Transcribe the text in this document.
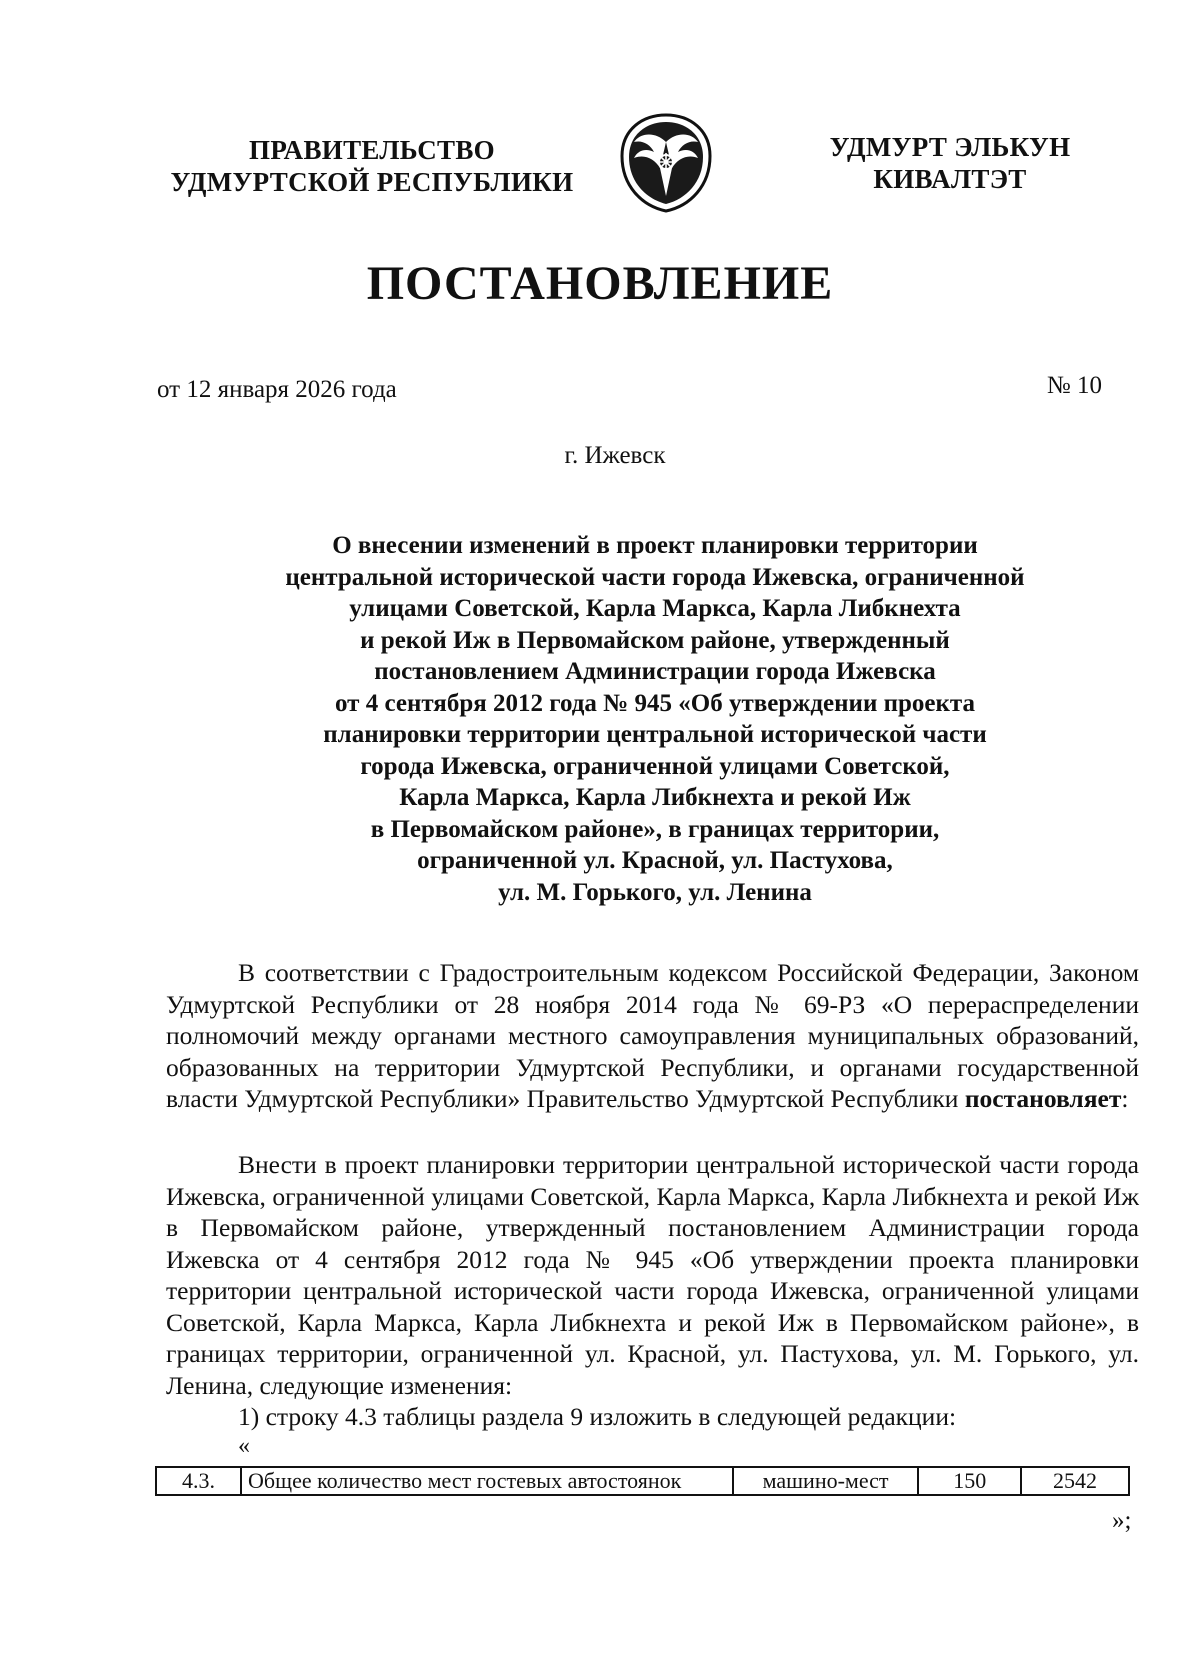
ПРАВИТЕЛЬСТВО
УДМУРТСКОЙ РЕСПУБЛИКИ
УДМУРТ ЭЛЬКУН
КИВАЛТЭТ
ПОСТАНОВЛЕНИЕ
от 12 января 2026 года	№ 10
г. Ижевск
О внесении изменений в проект планировки территории
центральной исторической части города Ижевска, ограниченной
улицами Советской, Карла Маркса, Карла Либкнехта
и рекой Иж в Первомайском районе, утвержденный
постановлением Администрации города Ижевска
от 4 сентября 2012 года № 945 «Об утверждении проекта
планировки территории центральной исторической части
города Ижевска, ограниченной улицами Советской,
Карла Маркса, Карла Либкнехта и рекой Иж
в Первомайском районе», в границах территории,
ограниченной ул. Красной, ул. Пастухова,
ул. М. Горького, ул. Ленина

В соответствии с Градостроительным кодексом Российской Федерации, Законом Удмуртской Республики от 28 ноября 2014 года № 69-РЗ «О перераспределении полномочий между органами местного самоуправления муниципальных образований, образованных на территории Удмуртской Республики, и органами государственной власти Удмуртской Республики» Правительство Удмуртской Республики постановляет:

Внести в проект планировки территории центральной исторической части города Ижевска, ограниченной улицами Советской, Карла Маркса, Карла Либкнехта и рекой Иж в Первомайском районе, утвержденный постановлением Администрации города Ижевска от 4 сентября 2012 года № 945 «Об утверждении проекта планировки территории центральной исторической части города Ижевска, ограниченной улицами Советской, Карла Маркса, Карла Либкнехта и рекой Иж в Первомайском районе», в границах территории, ограниченной ул. Красной, ул. Пастухова, ул. М. Горького, ул. Ленина, следующие изменения:

1) строку 4.3 таблицы раздела 9 изложить в следующей редакции:
«
4.3.	Общее количество мест гостевых автостоянок	машино-мест	150	2542
»;
